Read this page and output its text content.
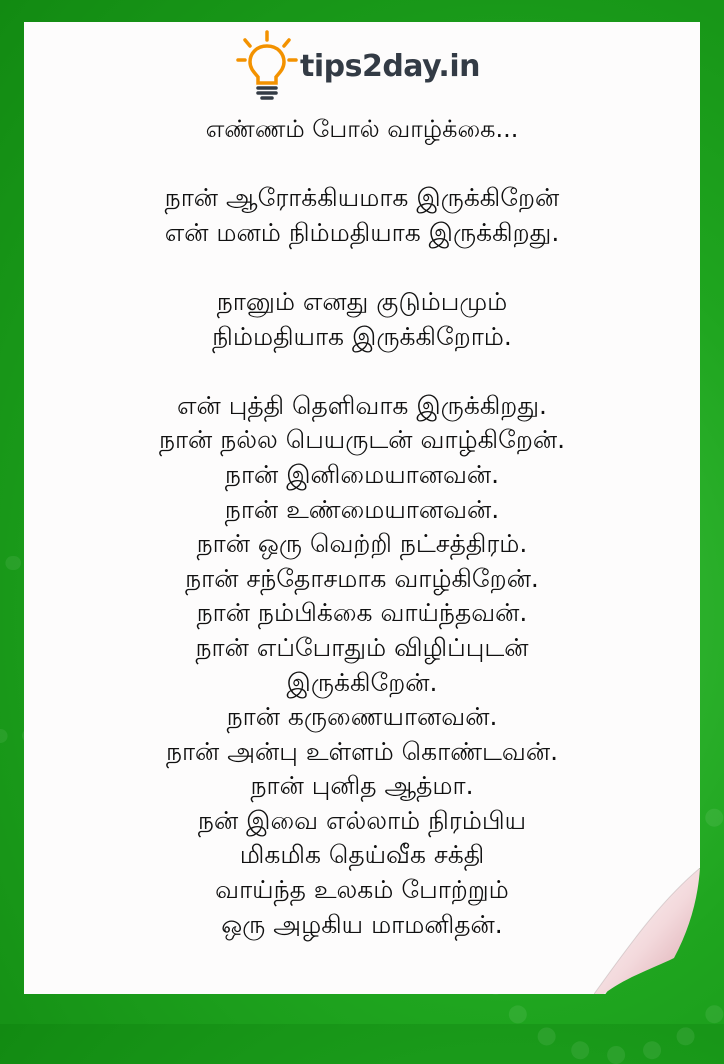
tips2day.in
எண்ணம் போல் வாழ்க்கை...
நான் ஆரோக்கியமாக இருக்கிறேன்
என் மனம் நிம்மதியாக இருக்கிறது.
நானும் எனது குடும்பமும்
நிம்மதியாக இருக்கிறோம்.
என் புத்தி தெளிவாக இருக்கிறது.
நான் நல்ல பெயருடன் வாழ்கிறேன்.
நான் இனிமையானவன்.
நான் உண்மையானவன்.
நான் ஒரு வெற்றி நட்சத்திரம்.
நான் சந்தோசமாக வாழ்கிறேன்.
நான் நம்பிக்கை வாய்ந்தவன்.
நான் எப்போதும் விழிப்புடன்
இருக்கிறேன்.
நான் கருணையானவன்.
நான் அன்பு உள்ளம் கொண்டவன்.
நான் புனித ஆத்மா.
நன் இவை எல்லாம் நிரம்பிய
மிகமிக தெய்வீக சக்தி
வாய்ந்த உலகம் போற்றும்
ஒரு அழகிய மாமனிதன்.
